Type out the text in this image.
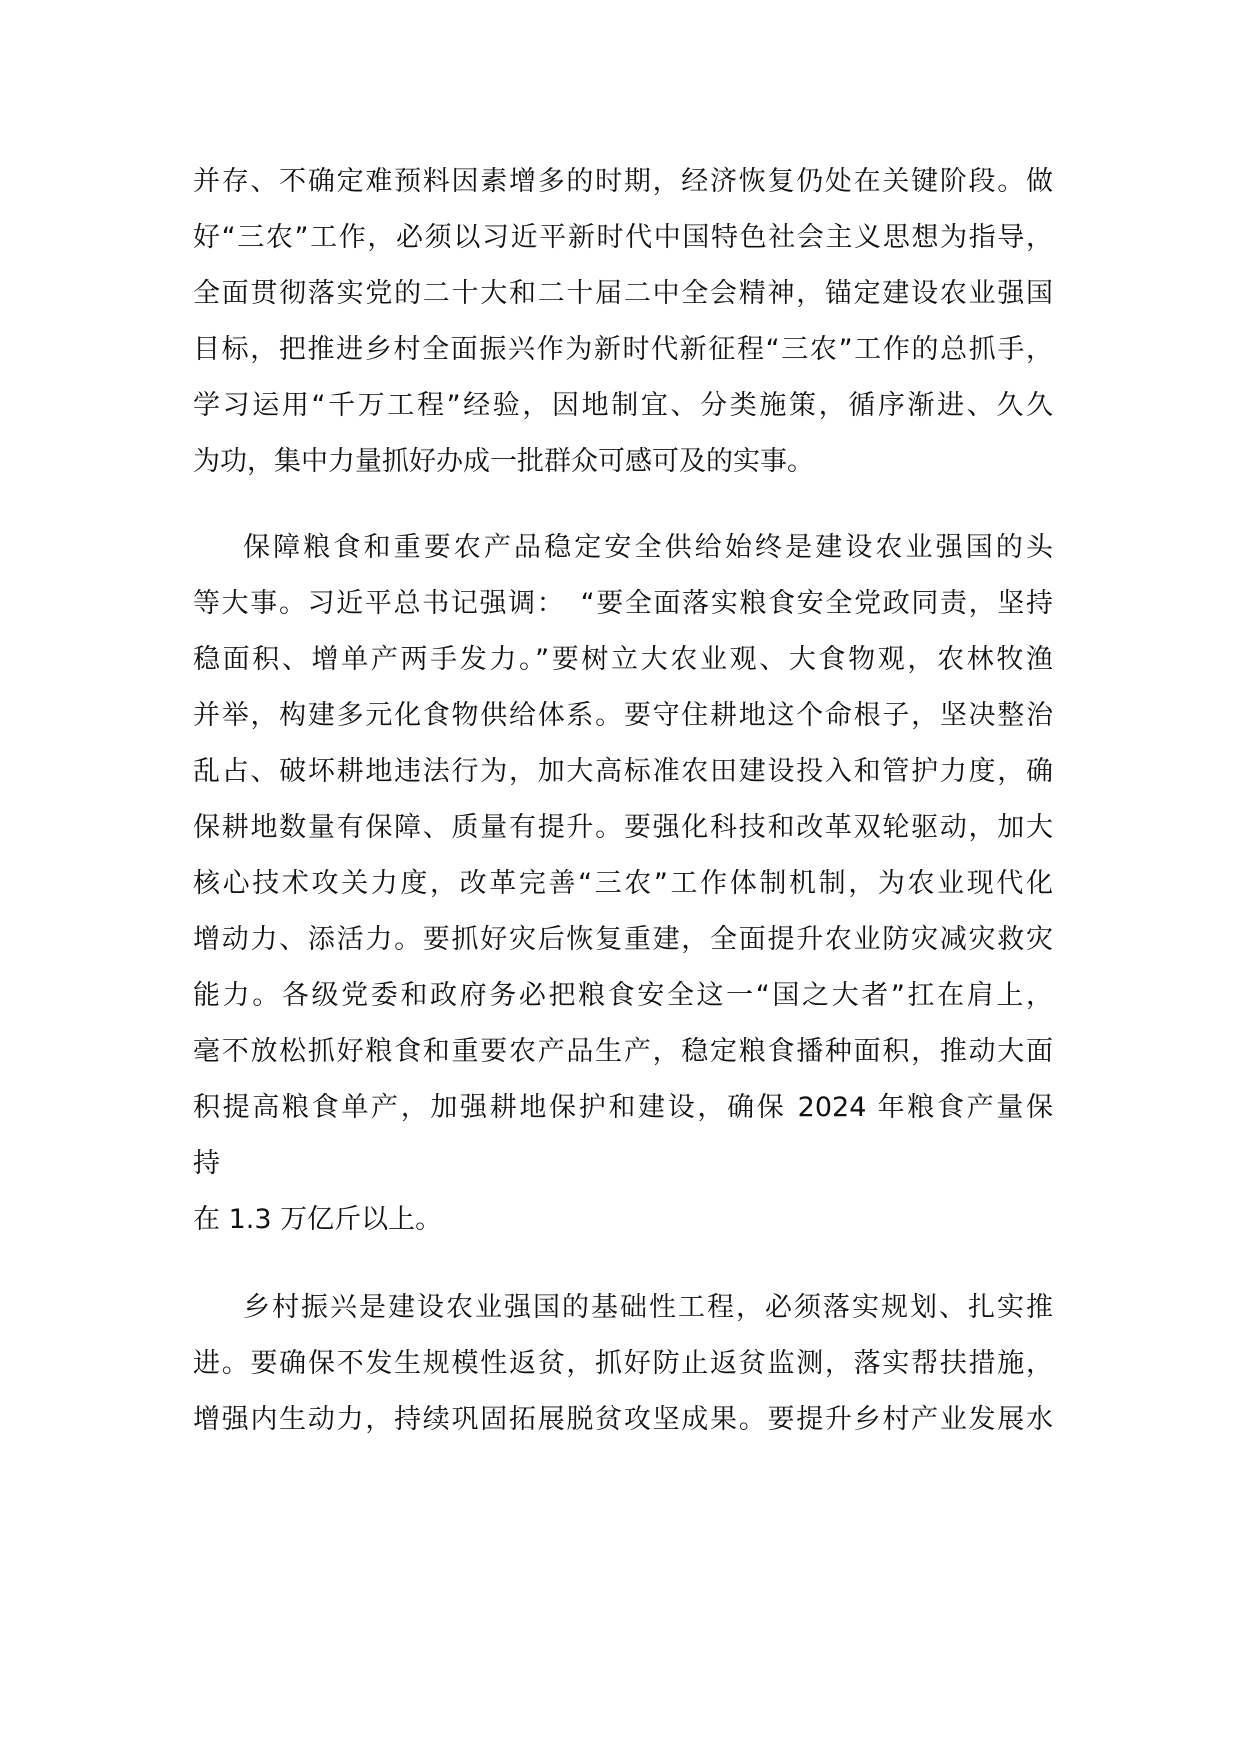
并存、不确定难预料因素增多的时期，经济恢复仍处在关键阶段。做
好“三农”工作，必须以习近平新时代中国特色社会主义思想为指导，
全面贯彻落实党的二十大和二十届二中全会精神，锚定建设农业强国
目标，把推进乡村全面振兴作为新时代新征程“三农”工作的总抓手，
学习运用“千万工程”经验，因地制宜、分类施策，循序渐进、久久
为功，集中力量抓好办成一批群众可感可及的实事。
保障粮食和重要农产品稳定安全供给始终是建设农业强国的头
等大事。习近平总书记强调：　“要全面落实粮食安全党政同责，坚持
稳面积、增单产两手发力。”要树立大农业观、大食物观，农林牧渔
并举，构建多元化食物供给体系。要守住耕地这个命根子，坚决整治
乱占、破坏耕地违法行为，加大高标准农田建设投入和管护力度，确
保耕地数量有保障、质量有提升。要强化科技和改革双轮驱动，加大
核心技术攻关力度，改革完善“三农”工作体制机制，为农业现代化
增动力、添活力。要抓好灾后恢复重建，全面提升农业防灾减灾救灾
能力。各级党委和政府务必把粮食安全这一“国之大者”扛在肩上，
毫不放松抓好粮食和重要农产品生产，稳定粮食播种面积，推动大面
积提高粮食单产，加强耕地保护和建设，确保 2024 年粮食产量保
持
在 1.3 万亿斤以上。
乡村振兴是建设农业强国的基础性工程，必须落实规划、扎实推
进。要确保不发生规模性返贫，抓好防止返贫监测，落实帮扶措施，
增强内生动力，持续巩固拓展脱贫攻坚成果。要提升乡村产业发展水
